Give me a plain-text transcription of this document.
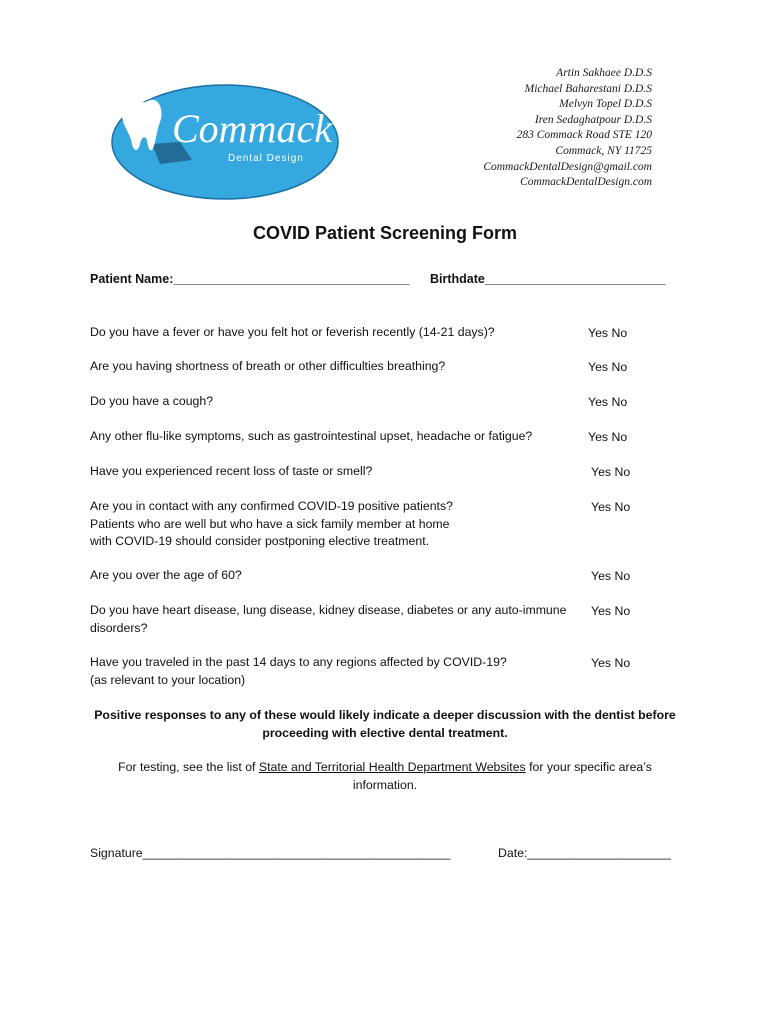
Commack
Dental Design
Artin Sakhaee D.D.S
Michael Baharestani D.D.S
Melvyn Topel D.D.S
Iren Sedaghatpour D.D.S
283 Commack Road STE 120
Commack, NY 11725
CommackDentalDesign@gmail.com
CommackDentalDesign.com
COVID Patient Screening Form
Patient Name:__________________________________ Birthdate__________________________
Do you have a fever or have you felt hot or feverish recently (14-21 days)?	Yes No
Are you having shortness of breath or other difficulties breathing?	Yes No
Do you have a cough?	Yes No
Any other flu-like symptoms, such as gastrointestinal upset, headache or fatigue?	Yes No
Have you experienced recent loss of taste or smell?	Yes No
Are you in contact with any confirmed COVID-19 positive patients?
Patients who are well but who have a sick family member at home
with COVID-19 should consider postponing elective treatment.
Yes No
Are you over the age of 60?	Yes No
Do you have heart disease, lung disease, kidney disease, diabetes or any auto-immune
disorders?
Yes No
Have you traveled in the past 14 days to any regions affected by COVID-19?
(as relevant to your location)
Yes No
Positive responses to any of these would likely indicate a deeper discussion with the dentist before
proceeding with elective dental treatment.
For testing, see the list of State and Territorial Health Department Websites for your specific area’s
information.
Signature_____________________________________________	Date:_____________________
